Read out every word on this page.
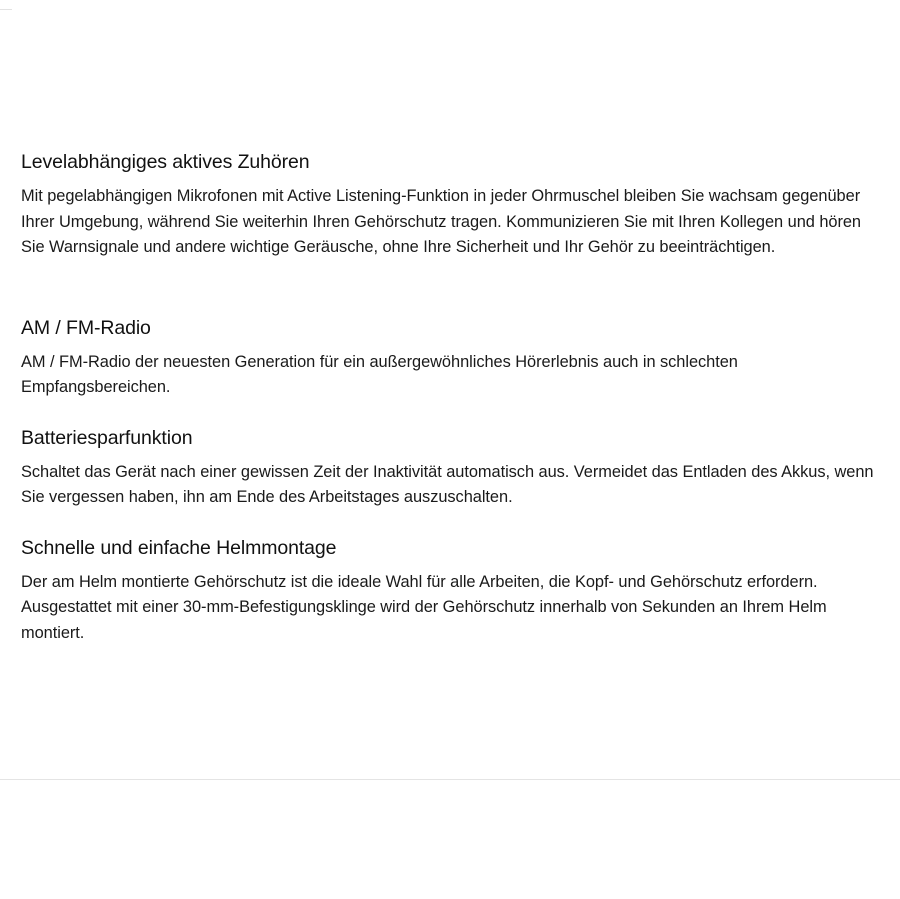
Levelabhängiges aktives Zuhören

Mit pegelabhängigen Mikrofonen mit Active Listening-Funktion in jeder Ohrmuschel bleiben Sie wachsam gegenüber Ihrer Umgebung, während Sie weiterhin Ihren Gehörschutz tragen. Kommunizieren Sie mit Ihren Kollegen und hören Sie Warnsignale und andere wichtige Geräusche, ohne Ihre Sicherheit und Ihr Gehör zu beeinträchtigen.

AM / FM-Radio

AM / FM-Radio der neuesten Generation für ein außergewöhnliches Hörerlebnis auch in schlechten Empfangsbereichen.

Batteriesparfunktion

Schaltet das Gerät nach einer gewissen Zeit der Inaktivität automatisch aus. Vermeidet das Entladen des Akkus, wenn Sie vergessen haben, ihn am Ende des Arbeitstages auszuschalten.

Schnelle und einfache Helmmontage

Der am Helm montierte Gehörschutz ist die ideale Wahl für alle Arbeiten, die Kopf- und Gehörschutz erfordern. Ausgestattet mit einer 30-mm-Befestigungsklinge wird der Gehörschutz innerhalb von Sekunden an Ihrem Helm montiert.
